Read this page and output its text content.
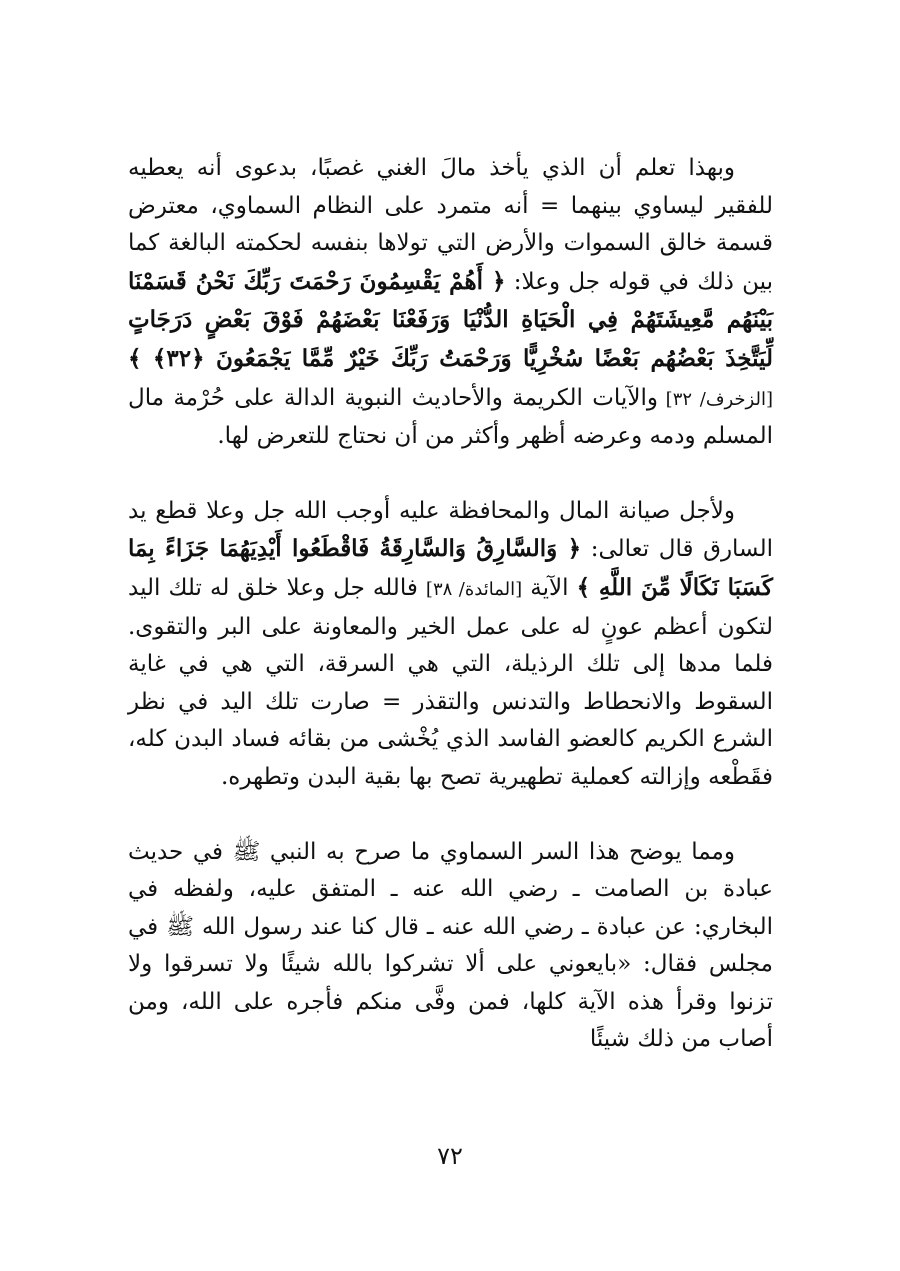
وبهذا تعلم أن الذي يأخذ مالَ الغني غصبًا، بدعوى أنه يعطيه للفقير ليساوي بينهما = أنه متمرد على النظام السماوي، معترض قسمة خالق السموات والأرض التي تولاها بنفسه لحكمته البالغة كما بين ذلك في قوله جل وعلا: ﴿ أَهُمْ يَقْسِمُونَ رَحْمَتَ رَبِّكَ نَحْنُ قَسَمْنَا بَيْنَهُم مَّعِيشَتَهُمْ فِي الْحَيَاةِ الدُّنْيَا وَرَفَعْنَا بَعْضَهُمْ فَوْقَ بَعْضٍ دَرَجَاتٍ لِّيَتَّخِذَ بَعْضُهُم بَعْضًا سُخْرِيًّا وَرَحْمَتُ رَبِّكَ خَيْرٌ مِّمَّا يَجْمَعُونَ ﴿٣٢﴾ ﴾ [الزخرف/ ٣٢] والآيات الكريمة والأحاديث النبوية الدالة على حُرْمة مال المسلم ودمه وعرضه أظهر وأكثر من أن نحتاج للتعرض لها.

ولأجل صيانة المال والمحافظة عليه أوجب الله جل وعلا قطع يد السارق قال تعالى: ﴿ وَالسَّارِقُ وَالسَّارِقَةُ فَاقْطَعُوا أَيْدِيَهُمَا جَزَاءً بِمَا كَسَبَا نَكَالًا مِّنَ اللَّهِ ﴾ الآية [المائدة/ ٣٨] فالله جل وعلا خلق له تلك اليد لتكون أعظم عونٍ له على عمل الخير والمعاونة على البر والتقوى. فلما مدها إلى تلك الرذيلة، التي هي السرقة، التي هي في غاية السقوط والانحطاط والتدنس والتقذر = صارت تلك اليد في نظر الشرع الكريم كالعضو الفاسد الذي يُخْشى من بقائه فساد البدن كله، فقَطْعه وإزالته كعملية تطهيرية تصح بها بقية البدن وتطهره.

ومما يوضح هذا السر السماوي ما صرح به النبي ﷺ في حديث عبادة بن الصامت ـ رضي الله عنه ـ المتفق عليه، ولفظه في البخاري: عن عبادة ـ رضي الله عنه ـ قال كنا عند رسول الله ﷺ في مجلس فقال: «بايعوني على ألا تشركوا بالله شيئًا ولا تسرقوا ولا تزنوا وقرأ هذه الآية كلها، فمن وفَّى منكم فأجره على الله، ومن أصاب من ذلك شيئًا

٧٢
